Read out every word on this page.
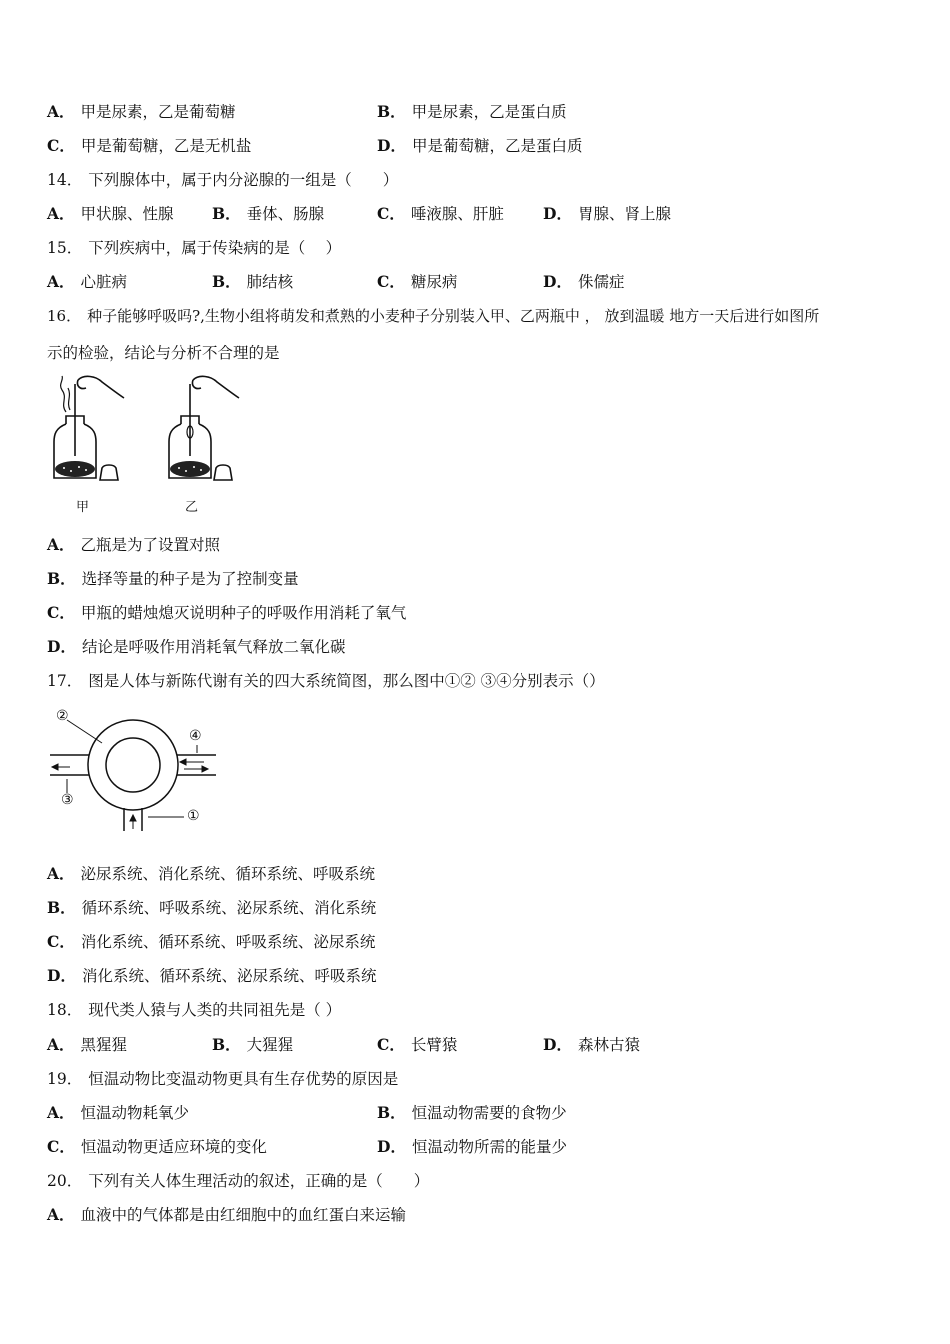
A． 甲是尿素，乙是葡萄糖	B． 甲是尿素，乙是蛋白质
C． 甲是葡萄糖，乙是无机盐	D． 甲是葡萄糖，乙是蛋白质
14． 下列腺体中，属于内分泌腺的一组是（　　）
A． 甲状腺、性腺 B． 垂体、肠腺	C． 唾液腺、肝脏	D． 胃腺、肾上腺
15． 下列疾病中，属于传染病的是（　 ）
A． 心脏病	B． 肺结核	C． 糖尿病	D． 侏儒症
16． 种子能够呼吸吗?,生物小组将萌发和煮熟的小麦种子分别装入甲、乙两瓶中 ， 放到温暖 地方一天后进行如图所
示的检验，结论与分析不合理的是
甲	乙
A． 乙瓶是为了设置对照
B． 选择等量的种子是为了控制变量
C． 甲瓶的蜡烛熄灭说明种子的呼吸作用消耗了氧气
D． 结论是呼吸作用消耗氧气释放二氧化碳
17． 图是人体与新陈代谢有关的四大系统简图，那么图中①② ③④分别表示（）
②
④
③
①
A． 泌尿系统、消化系统、循环系统、呼吸系统
B． 循环系统、呼吸系统、泌尿系统、消化系统
C． 消化系统、循环系统、呼吸系统、泌尿系统
D． 消化系统、循环系统、泌尿系统、呼吸系统
18． 现代类人猿与人类的共同祖先是（ ）
A． 黑猩猩	B． 大猩猩	C． 长臂猿	D． 森林古猿
19． 恒温动物比变温动物更具有生存优势的原因是
A． 恒温动物耗氧少	B． 恒温动物需要的食物少
C． 恒温动物更适应环境的变化	D． 恒温动物所需的能量少
20． 下列有关人体生理活动的叙述，正确的是（　　）
A． 血液中的气体都是由红细胞中的血红蛋白来运输
